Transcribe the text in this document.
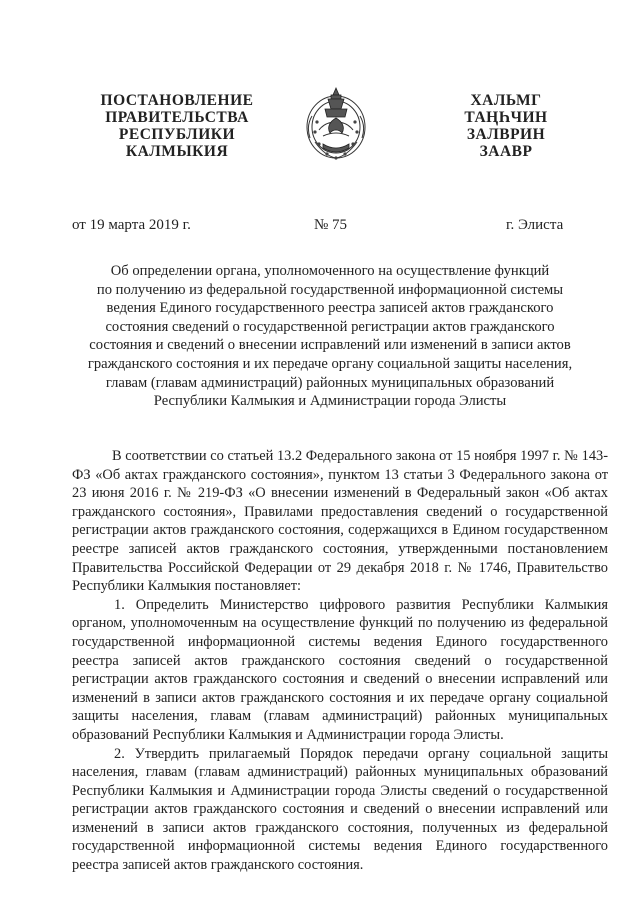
ПОСТАНОВЛЕНИЕ
ПРАВИТЕЛЬСТВА
РЕСПУБЛИКИ
КАЛМЫКИЯ
ХАЛЬМГ
ТАҢҺЧИН
ЗАЛВРИН
ЗААВР
от 19 марта 2019 г.	№ 75	г. Элиста
Об определении органа, уполномоченного на осуществление функций
по получению из федеральной государственной информационной системы
ведения Единого государственного реестра записей актов гражданского
состояния сведений о государственной регистрации актов гражданского
состояния и сведений о внесении исправлений или изменений в записи актов
гражданского состояния и их передаче органу социальной защиты населения,
главам (главам администраций) районных муниципальных образований
Республики Калмыкия и Администрации города Элисты
В соответствии со статьей 13.2 Федерального закона от 15 ноября 1997 г. № 143-ФЗ «Об актах гражданского состояния», пунктом 13 статьи 3 Федерального закона от 23 июня 2016 г. № 219-ФЗ «О внесении изменений в Федеральный закон «Об актах гражданского состояния», Правилами предоставления сведений о государственной регистрации актов гражданского состояния, содержащихся в Едином государственном реестре записей актов гражданского состояния, утвержденными постановлением Правительства Российской Федерации от 29 декабря 2018 г. № 1746, Правительство Республики Калмыкия постановляет:
1. Определить Министерство цифрового развития Республики Калмыкия органом, уполномоченным на осуществление функций по получению из федеральной государственной информационной системы ведения Единого государственного реестра записей актов гражданского состояния сведений о государственной регистрации актов гражданского состояния и сведений о внесении исправлений или изменений в записи актов гражданского состояния и их передаче органу социальной защиты населения, главам (главам администраций) районных муниципальных образований Республики Калмыкия и Администрации города Элисты.
2. Утвердить прилагаемый Порядок передачи органу социальной защиты населения, главам (главам администраций) районных муниципальных образований Республики Калмыкия и Администрации города Элисты сведений о государственной регистрации актов гражданского состояния и сведений о внесении исправлений или изменений в записи актов гражданского состояния, полученных из федеральной государственной информационной системы ведения Единого государственного реестра записей актов гражданского состояния.
